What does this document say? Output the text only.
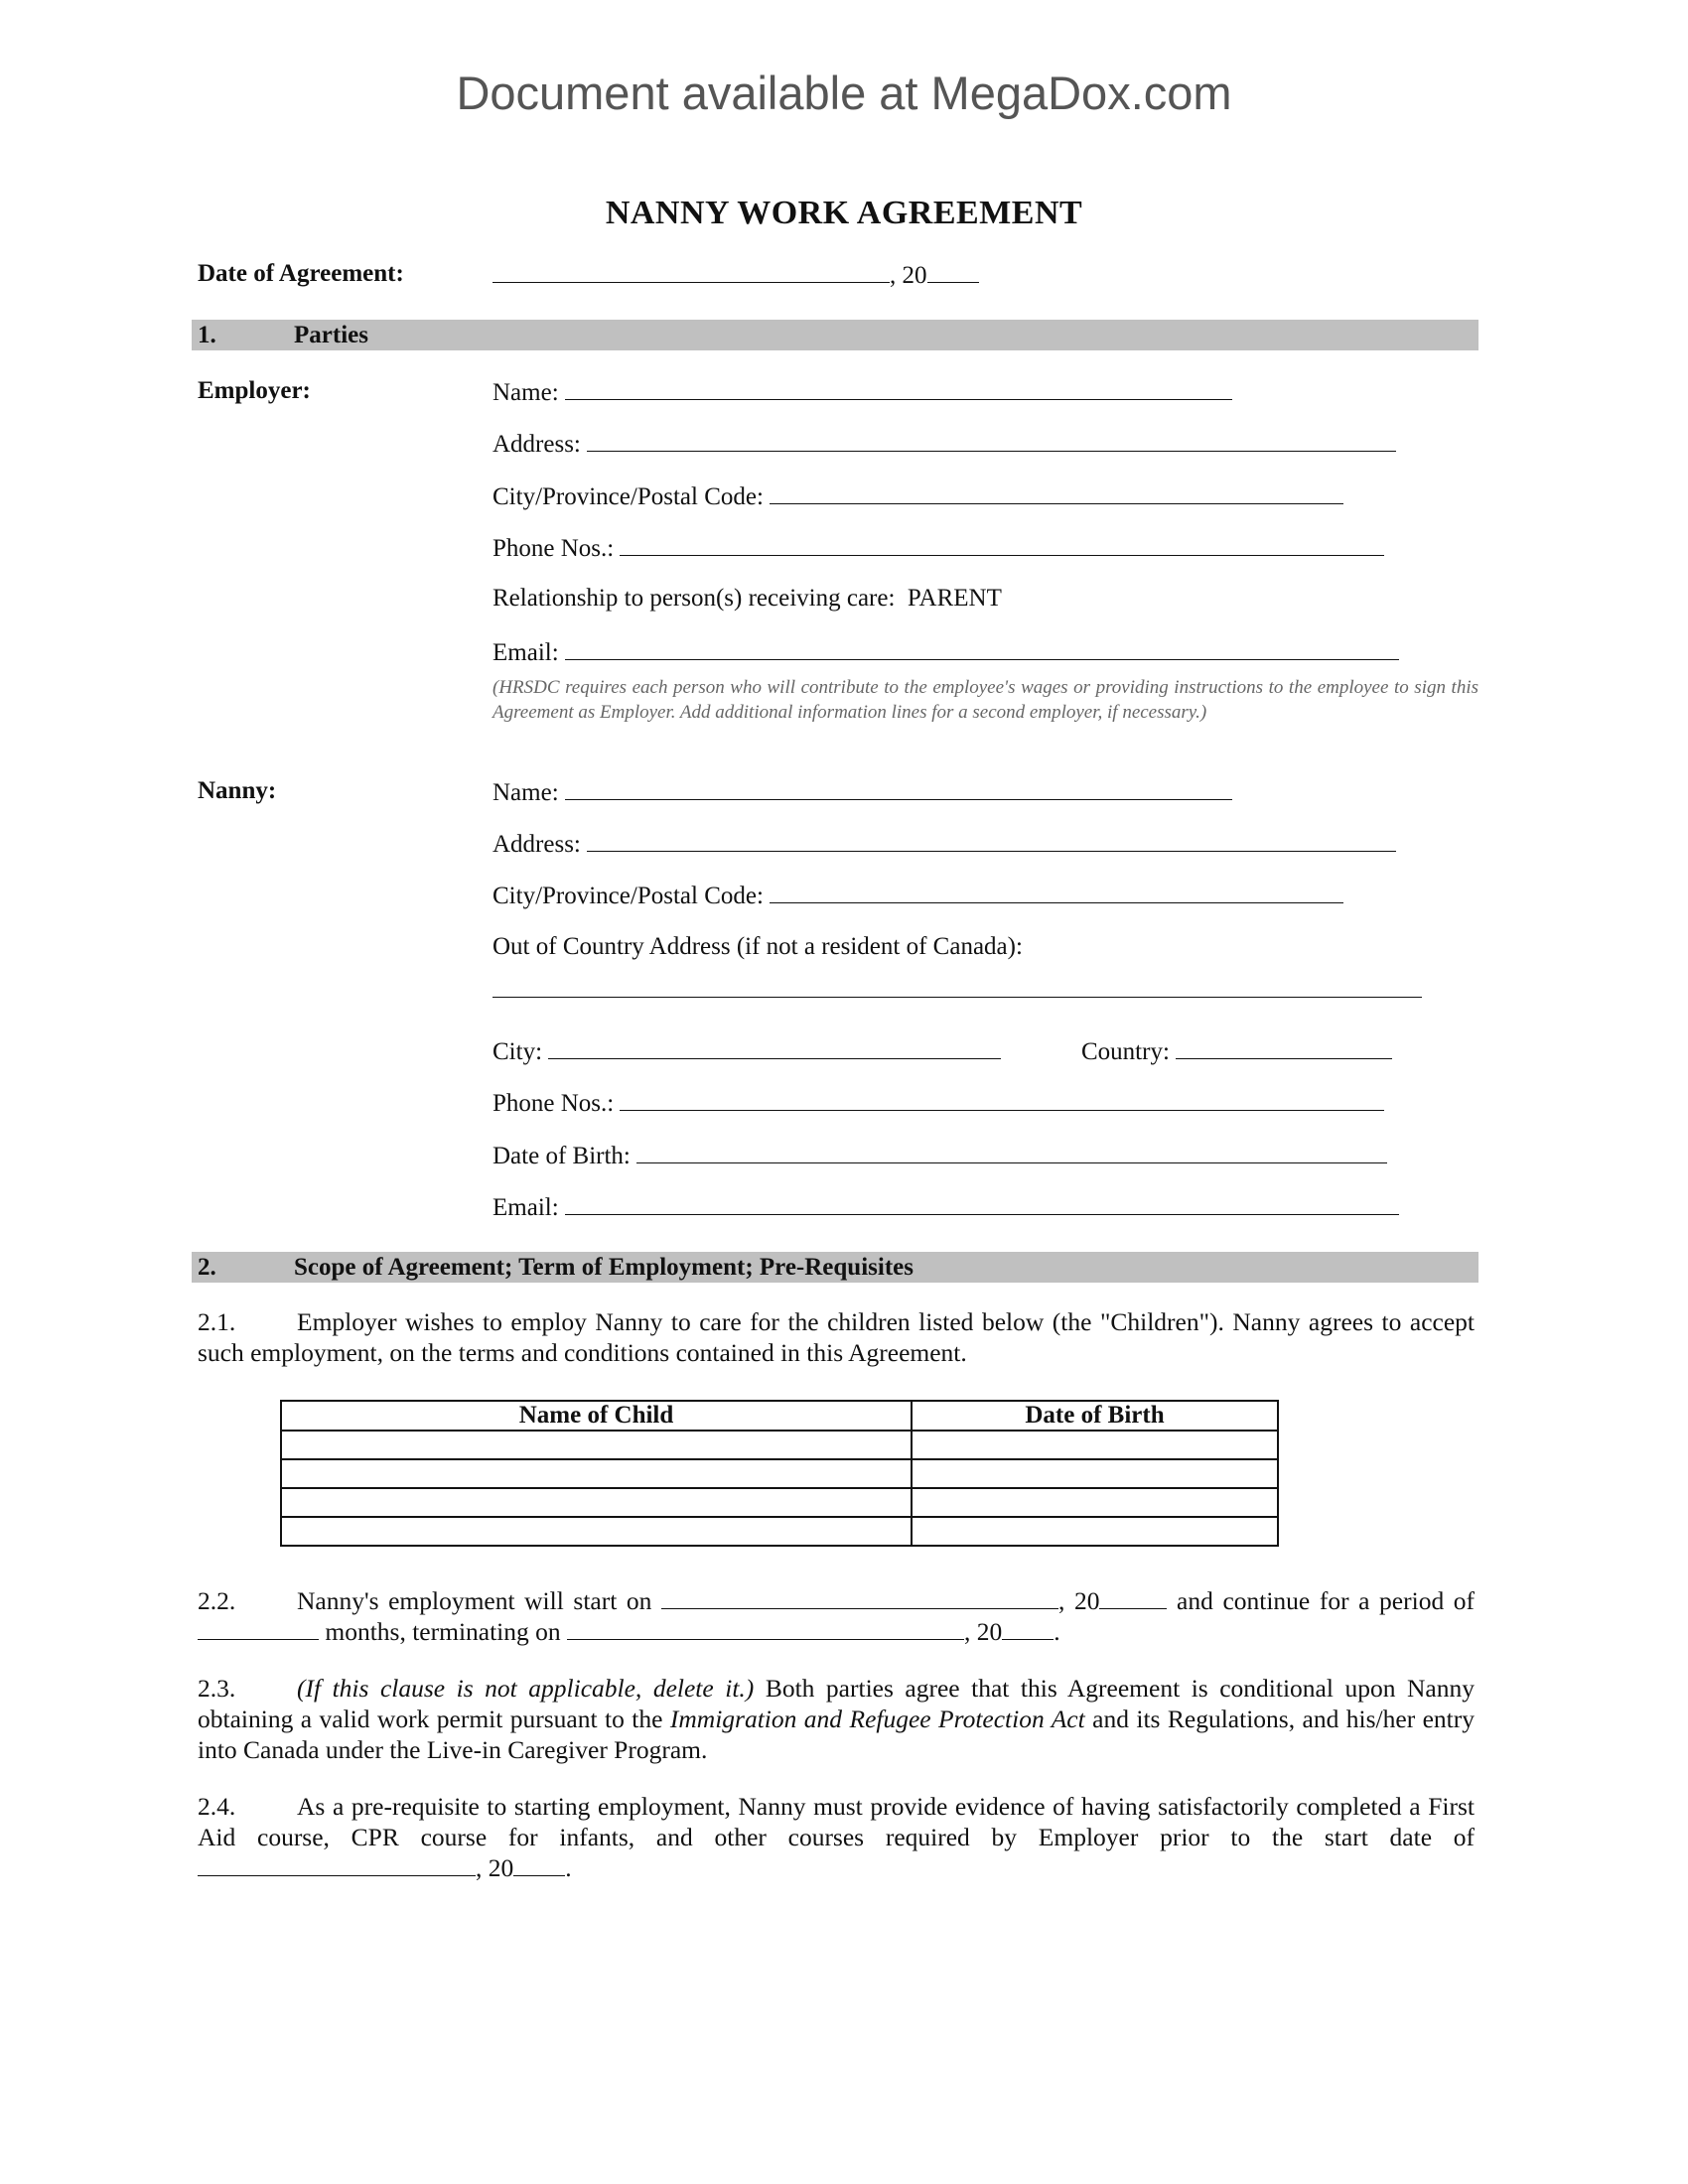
Document available at MegaDox.com
NANNY WORK AGREEMENT
Date of Agreement:	, 20
1.	Parties
Employer:	Name:
Address:
City/Province/Postal Code:
Phone Nos.:
Relationship to person(s) receiving care: PARENT
Email:
(HRSDC requires each person who will contribute to the employee's wages or providing instructions to the employee to sign this Agreement as Employer. Add additional information lines for a second employer, if necessary.)
Nanny:	Name:
Address:
City/Province/Postal Code:
Out of Country Address (if not a resident of Canada):
City:	Country:
Phone Nos.:
Date of Birth:
Email:
2.	Scope of Agreement; Term of Employment; Pre-Requisites
2.1. Employer wishes to employ Nanny to care for the children listed below (the "Children"). Nanny agrees to accept such employment, on the terms and conditions contained in this Agreement.
Name of Child	Date of Birth

2.2. Nanny's employment will start on	, 20	and continue for a period of  months, terminating on	, 20 .
2.3. (If this clause is not applicable, delete it.) Both parties agree that this Agreement is conditional upon Nanny obtaining a valid work permit pursuant to the Immigration and Refugee Protection Act and its Regulations, and his/her entry into Canada under the Live-in Caregiver Program.
2.4. As a pre-requisite to starting employment, Nanny must provide evidence of having satisfactorily completed a First Aid course, CPR course for infants, and other courses required by Employer prior to the start date of , 20 .
